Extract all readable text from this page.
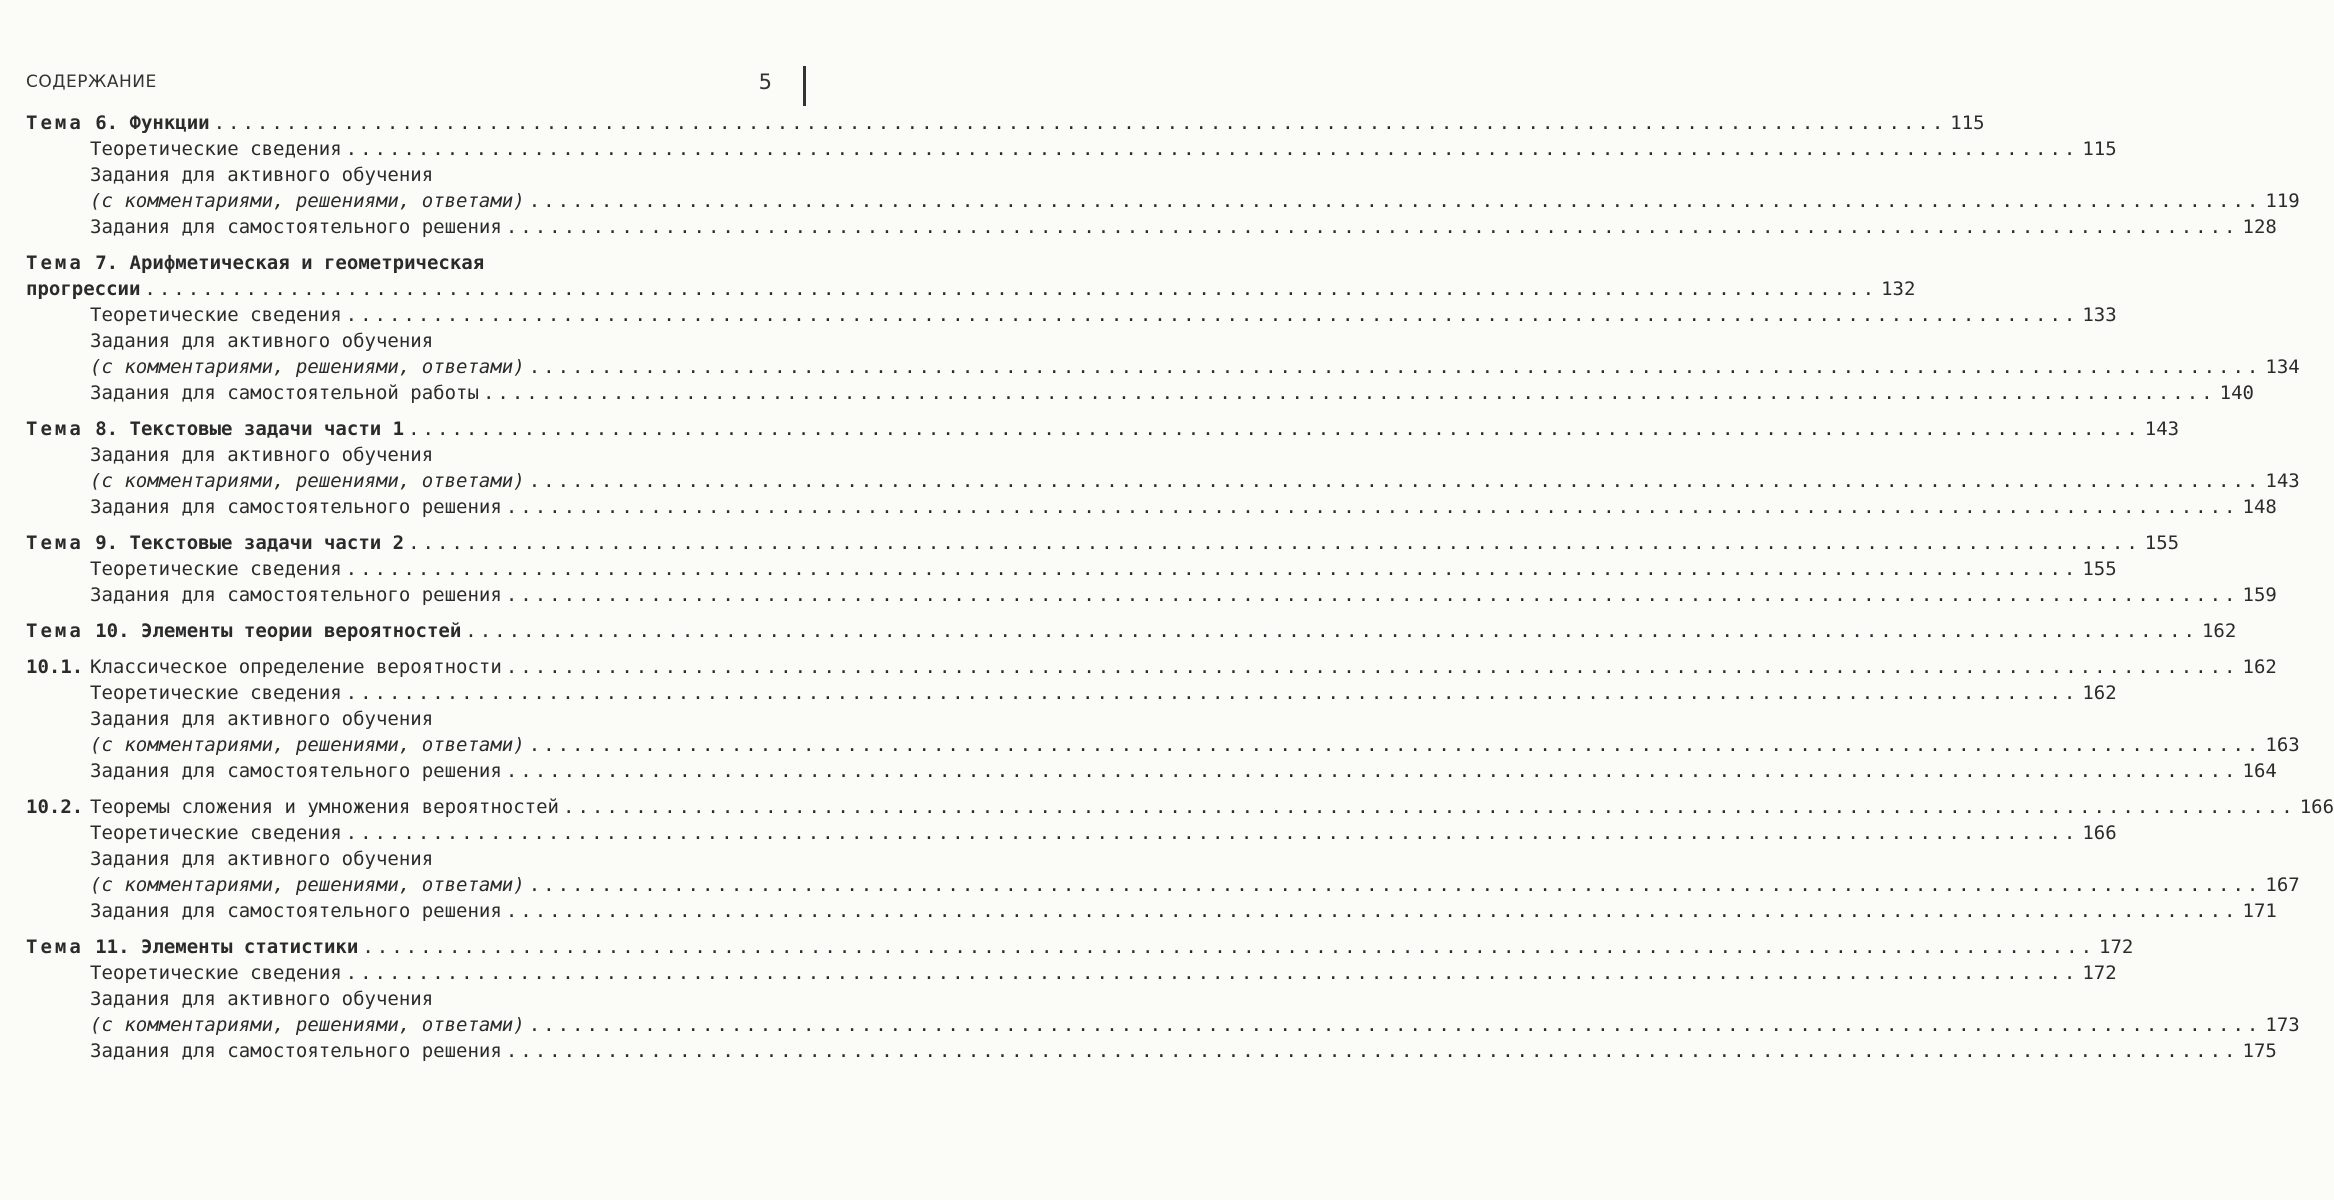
СОДЕРЖАНИЕ	5
Тема 6. Функции ........................................................................................................................ 115
Теоретические сведения ........................................................................................................................ 115
Задания для активного обучения
(с комментариями, решениями, ответами) ........................................................................................................................ 119
Задания для самостоятельного решения ........................................................................................................................ 128
Тема 7. Арифметическая и геометрическая
прогрессии ........................................................................................................................ 132
Теоретические сведения ........................................................................................................................ 133
Задания для активного обучения
(с комментариями, решениями, ответами) ........................................................................................................................ 134
Задания для самостоятельной работы ........................................................................................................................ 140
Тема 8. Текстовые задачи части 1 ........................................................................................................................ 143
Задания для активного обучения
(с комментариями, решениями, ответами) ........................................................................................................................ 143
Задания для самостоятельного решения ........................................................................................................................ 148
Тема 9. Текстовые задачи части 2 ........................................................................................................................ 155
Теоретические сведения ........................................................................................................................ 155
Задания для самостоятельного решения ........................................................................................................................ 159
Тема 10. Элементы теории вероятностей ........................................................................................................................ 162
10.1. Классическое определение вероятности ........................................................................................................................ 162
Теоретические сведения ........................................................................................................................ 162
Задания для активного обучения
(с комментариями, решениями, ответами) ........................................................................................................................ 163
Задания для самостоятельного решения ........................................................................................................................ 164
10.2. Теоремы сложения и умножения вероятностей ........................................................................................................................ 166
Теоретические сведения ........................................................................................................................ 166
Задания для активного обучения
(с комментариями, решениями, ответами) ........................................................................................................................ 167
Задания для самостоятельного решения ........................................................................................................................ 171
Тема 11. Элементы статистики ........................................................................................................................ 172
Теоретические сведения ........................................................................................................................ 172
Задания для активного обучения
(с комментариями, решениями, ответами) ........................................................................................................................ 173
Задания для самостоятельного решения ........................................................................................................................ 175
